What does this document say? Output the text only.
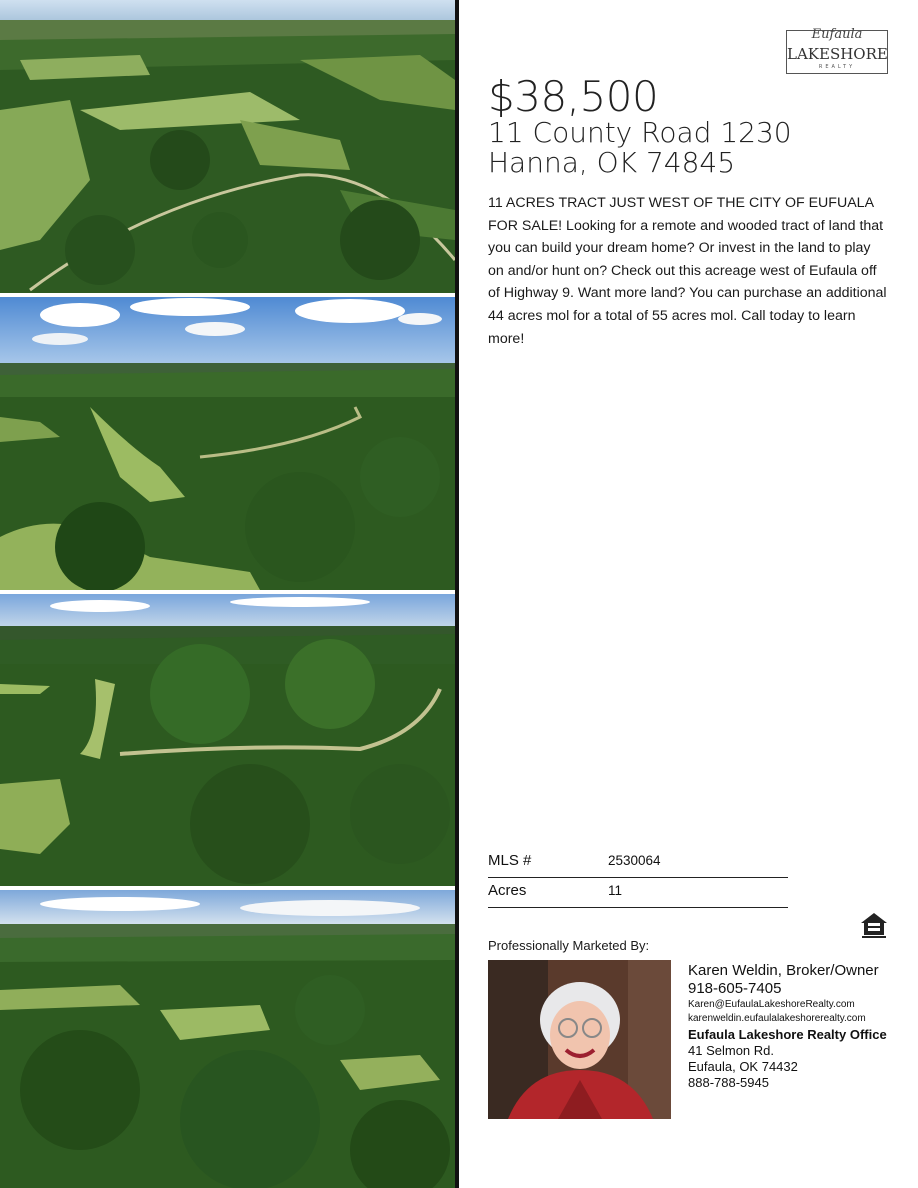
Eufaula
LAKESHORE
REALTY
$38,500
11 County Road 1230
Hanna, OK 74845
11 ACRES TRACT JUST WEST OF THE CITY OF EUFUALA FOR SALE! Looking for a remote and wooded tract of land that you can build your dream home? Or invest in the land to play on and/or hunt on? Check out this acreage west of Eufaula off of Highway 9. Want more land? You can purchase an additional 44 acres mol for a total of 55 acres mol. Call today to learn more!
MLS #	2530064
Acres	11
Professionally Marketed By:
Karen Weldin, Broker/Owner
918-605-7405
Karen@EufaulaLakeshoreRealty.com
karenweldin.eufaulalakeshorerealty.com
Eufaula Lakeshore Realty Office
41 Selmon Rd.
Eufaula, OK 74432
888-788-5945
